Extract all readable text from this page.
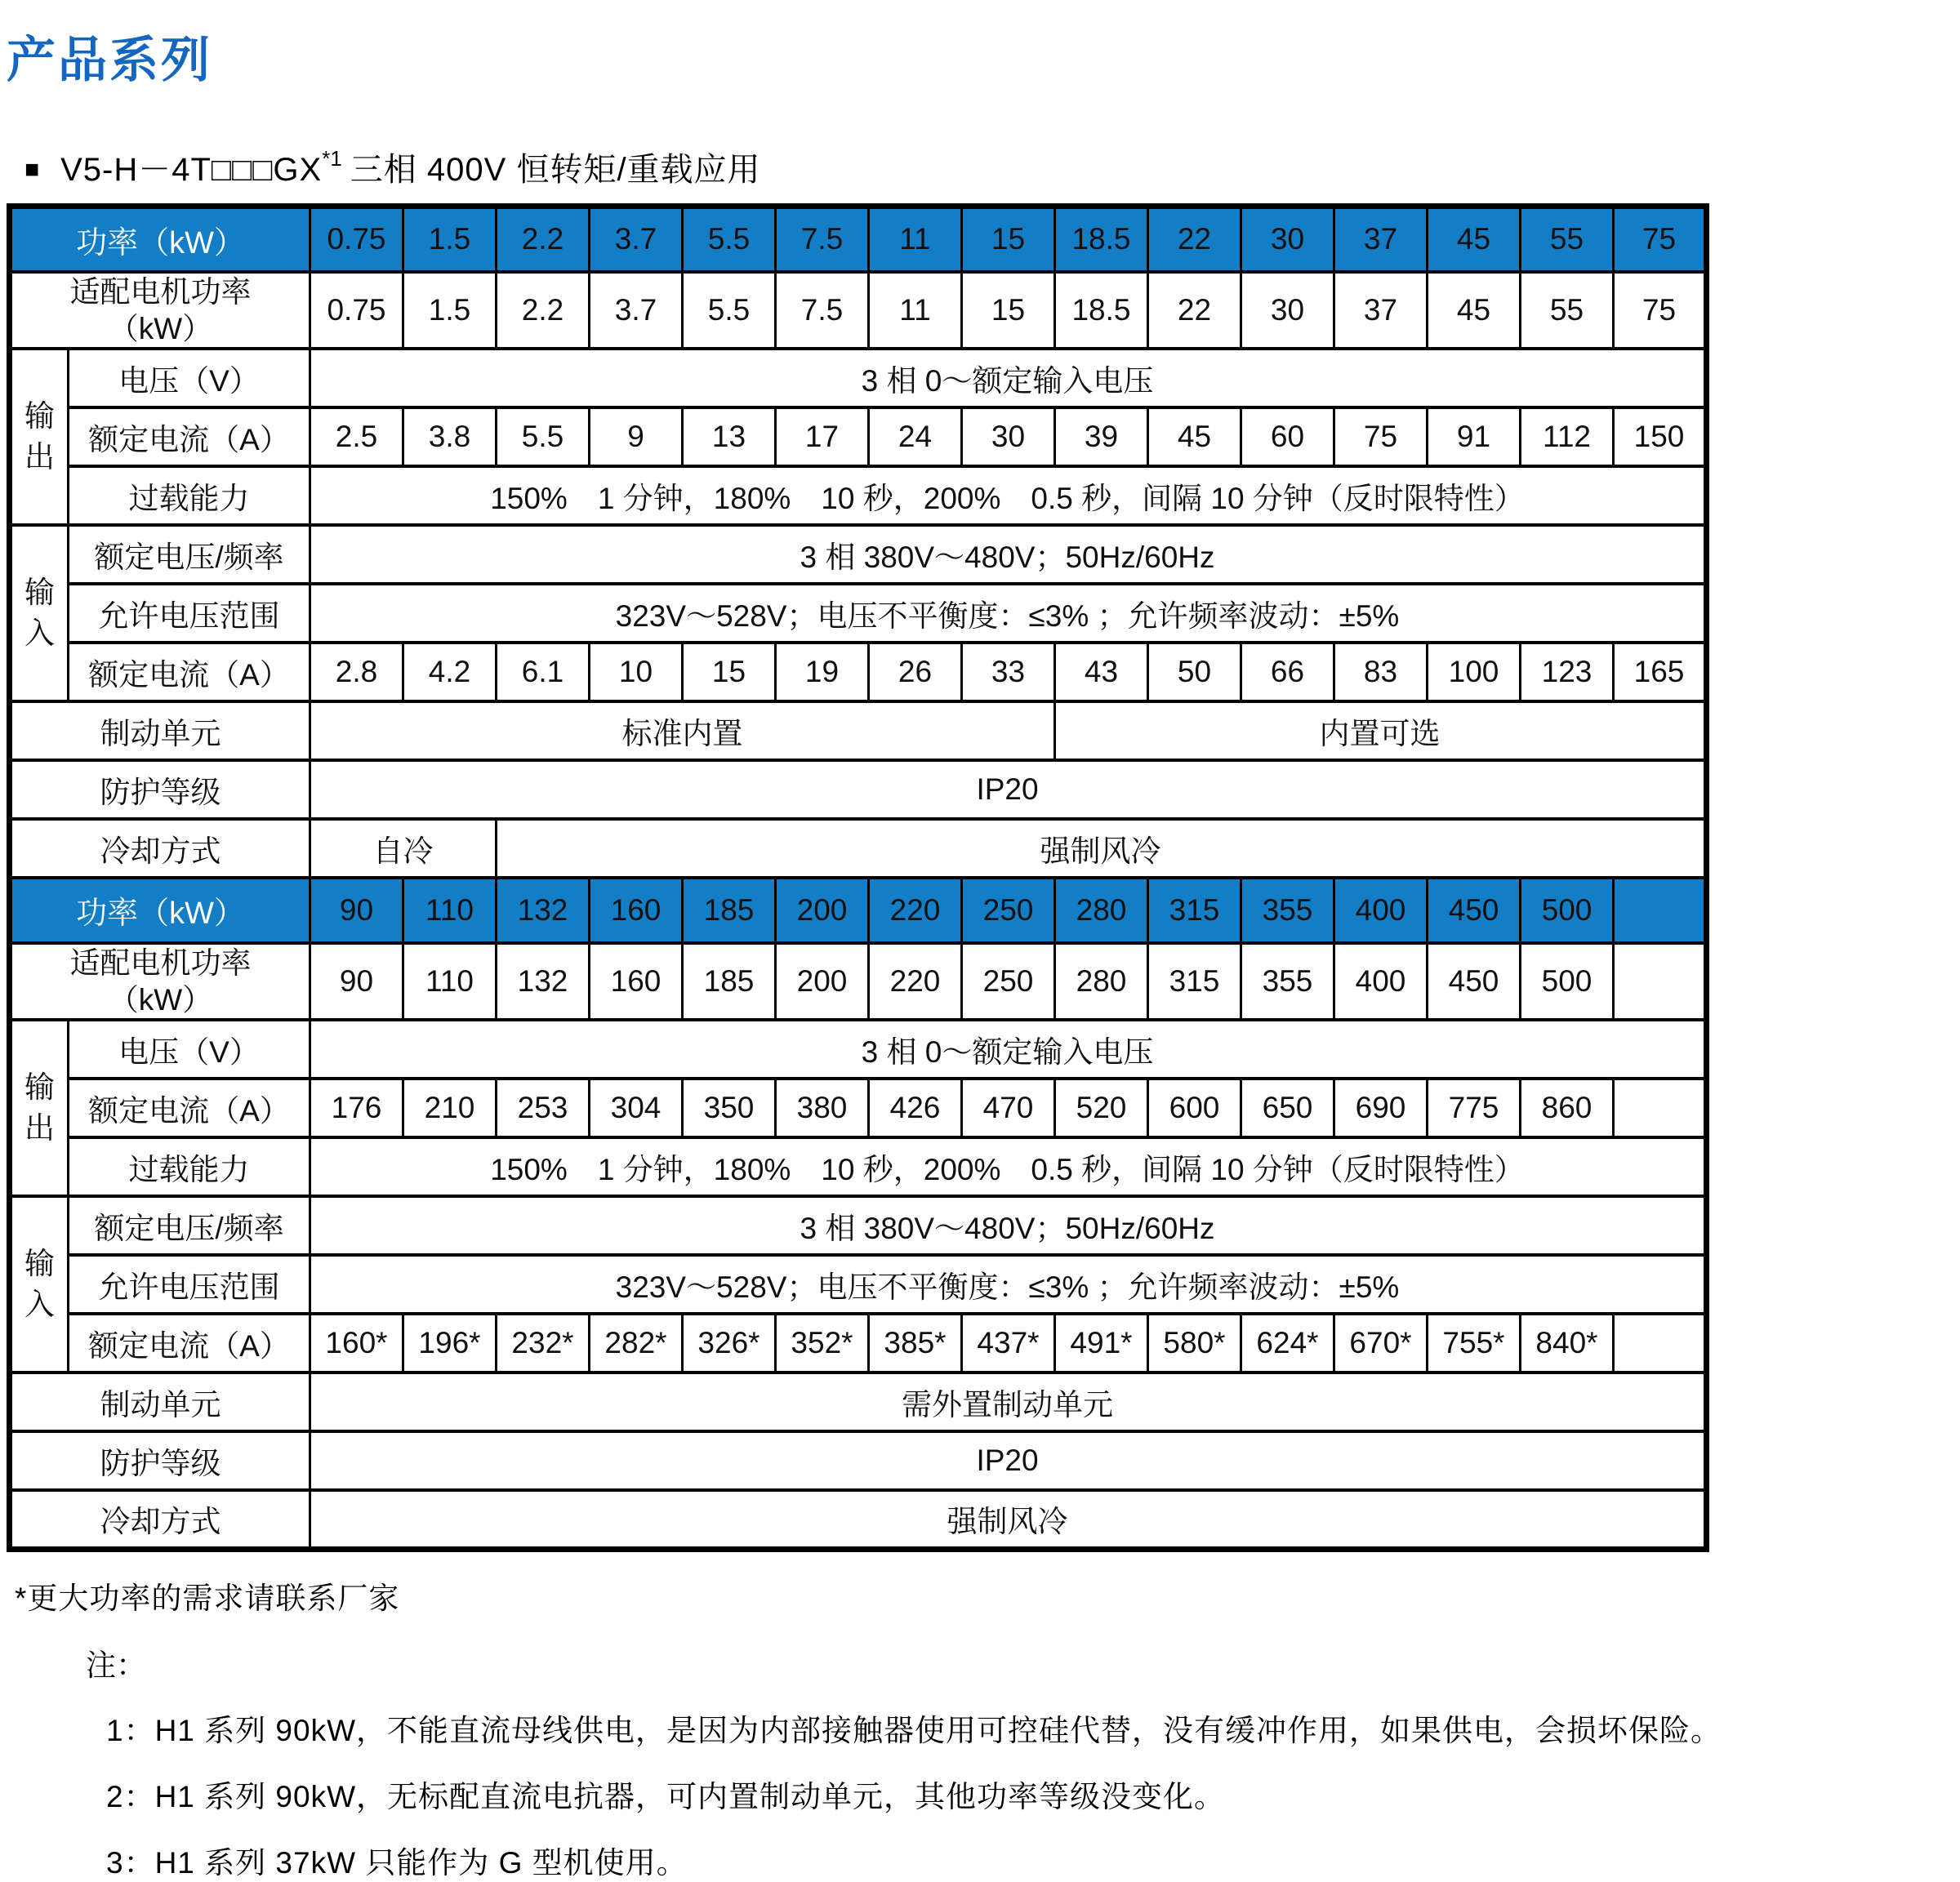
产品系列
■ $V5-H-4T□□□GX^{*1}$ 三相 400V 恒转矩/重载应用
功率（kW）		0.75	1.5	2.2	3.7	5.5	7.5	11	15	18.5	22	30	37	45	55	75

适配电机功率
（kW）		0.75	1.5	2.2	3.7	5.5	7.5	11	15	18.5	22	30	37	45	55	75
输出	电压（V）	3 相 0～额定输入电压														
	额定电流（A）	2.5	3.8	5.5	9	13	17	24	30	39	45	60	75	91	112	150
	过载能力	150%　1 分钟，180%　10 秒，200%　0.5 秒，间隔 10 分钟（反时限特性）														
输入	额定电压/频率	3 相 380V～480V；50Hz/60Hz														
	允许电压范围	323V～528V；电压不平衡度：≤3% ；允许频率波动：±5%														
	额定电流（A）	2.8	4.2	6.1	10	15	19	26	33	43	50	66	83	100	123	165
制动单元		标准内置								内置可选						
防护等级		IP20														
冷却方式		自冷		强制风冷												
功率（kW）		90	110	132	160	185	200	220	250	280	315	355	400	450	500	

适配电机功率
（kW）		90	110	132	160	185	200	220	250	280	315	355	400	450	500	
输出	电压（V）	3 相 0～额定输入电压														
	额定电流（A）	176	210	253	304	350	380	426	470	520	600	650	690	775	860	
	过载能力	150%　1 分钟，180%　10 秒，200%　0.5 秒，间隔 10 分钟（反时限特性）														
输入	额定电压/频率	3 相 380V～480V；50Hz/60Hz														
	允许电压范围	323V～528V；电压不平衡度：≤3% ；允许频率波动：±5%														
	额定电流（A）	160*	196*	232*	282*	326*	352*	385*	437*	491*	580*	624*	670*	755*	840*	
制动单元		需外置制动单元														
防护等级		IP20														
冷却方式		强制风冷														
*更大功率的需求请联系厂家
注：
1：H1 系列 90kW，不能直流母线供电，是因为内部接触器使用可控硅代替，没有缓冲作用，如果供电，会损坏保险。
2：H1 系列 90kW，无标配直流电抗器，可内置制动单元，其他功率等级没变化。
3：H1 系列 37kW 只能作为 G 型机使用。
